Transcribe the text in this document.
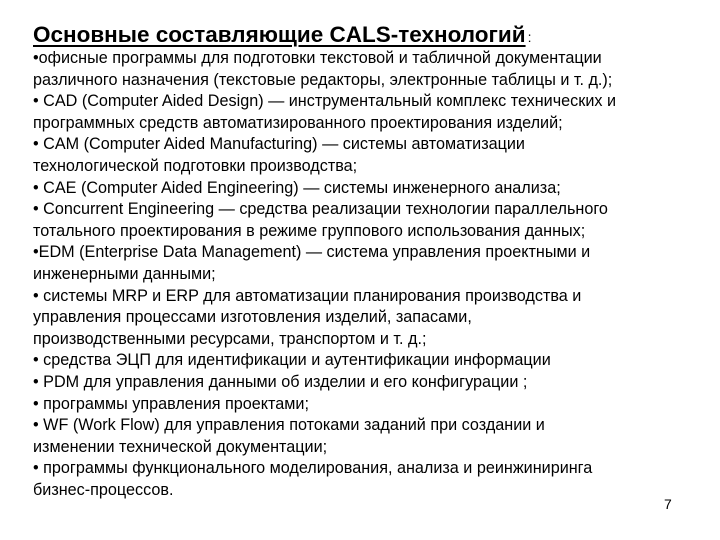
Основные составляющие CALS-технологий :
•офисные программы для подготовки текстовой и табличной документации
различного назначения (текстовые редакторы, электронные таблицы и т. д.);
• CAD (Computer Aided Design) — инструментальный комплекс технических и
программных средств автоматизированного проектирования изделий;
• CAM (Computer Aided Manufacturing) — системы автоматизации
технологической подготовки производства;
• CAE (Computer Aided Engineering) — системы инженерного анализа;
• Concurrent Engineering — средства реализации технологии параллельного
тотального проектирования в режиме группового использования данных;
•EDM (Enterprise Data Management) — система управления проектными и
инженерными данными;
• системы MRP и ERP для автоматизации планирования производства и
управления процессами изготовления изделий, запасами,
производственными ресурсами, транспортом и т. д.;
• средства ЭЦП для идентификации и аутентификации информации
• PDM для управления данными об изделии и его конфигурации ;
• программы управления проектами;
• WF (Work Flow) для управления потоками заданий при создании и
изменении технической документации;
• программы функционального моделирования, анализа и реинжиниринга
бизнес-процессов.
7
